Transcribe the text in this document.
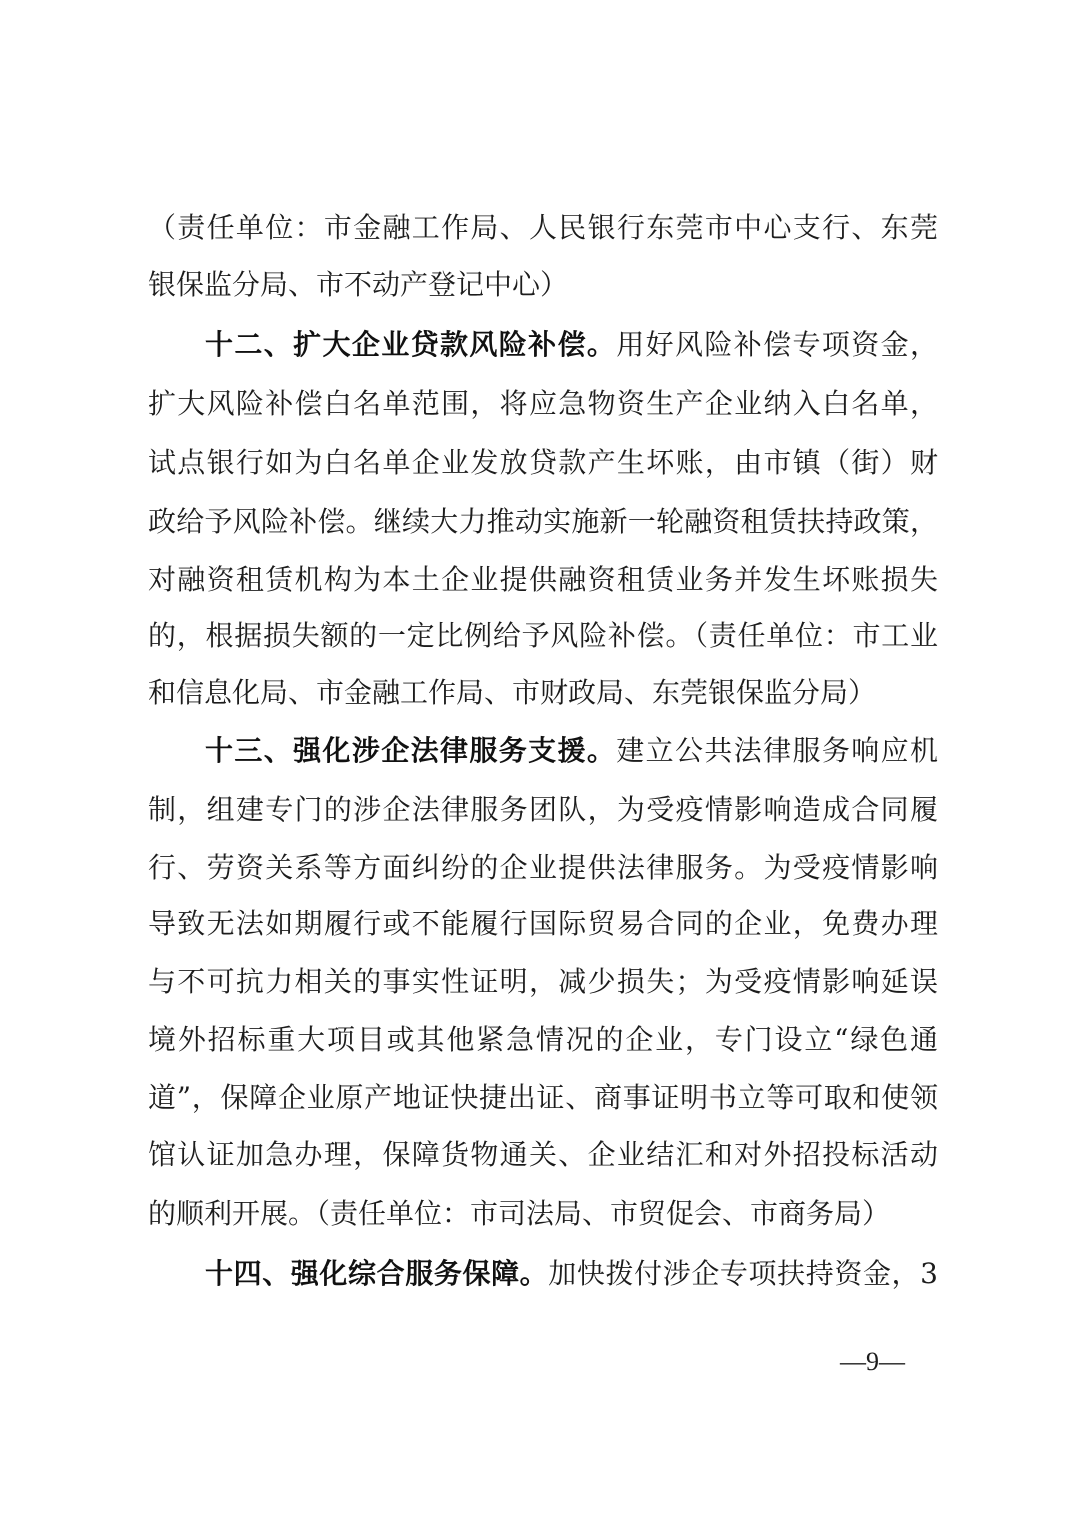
（责任单位：市金融工作局、人民银行东莞市中心支行、东莞
银保监分局、市不动产登记中心）
十二、扩大企业贷款风险补偿。用好风险补偿专项资金，
扩大风险补偿白名单范围，将应急物资生产企业纳入白名单，
试点银行如为白名单企业发放贷款产生坏账，由市镇（街）财
政给予风险补偿。继续大力推动实施新一轮融资租赁扶持政策，
对融资租赁机构为本土企业提供融资租赁业务并发生坏账损失
的，根据损失额的一定比例给予风险补偿。（责任单位：市工业
和信息化局、市金融工作局、市财政局、东莞银保监分局）
十三、强化涉企法律服务支援。建立公共法律服务响应机
制，组建专门的涉企法律服务团队，为受疫情影响造成合同履
行、劳资关系等方面纠纷的企业提供法律服务。为受疫情影响
导致无法如期履行或不能履行国际贸易合同的企业，免费办理
与不可抗力相关的事实性证明，减少损失；为受疫情影响延误
境外招标重大项目或其他紧急情况的企业，专门设立“绿色通
道”，保障企业原产地证快捷出证、商事证明书立等可取和使领
馆认证加急办理，保障货物通关、企业结汇和对外招投标活动
的顺利开展。（责任单位：市司法局、市贸促会、市商务局）
十四、强化综合服务保障。加快拨付涉企专项扶持资金，3
—9—
